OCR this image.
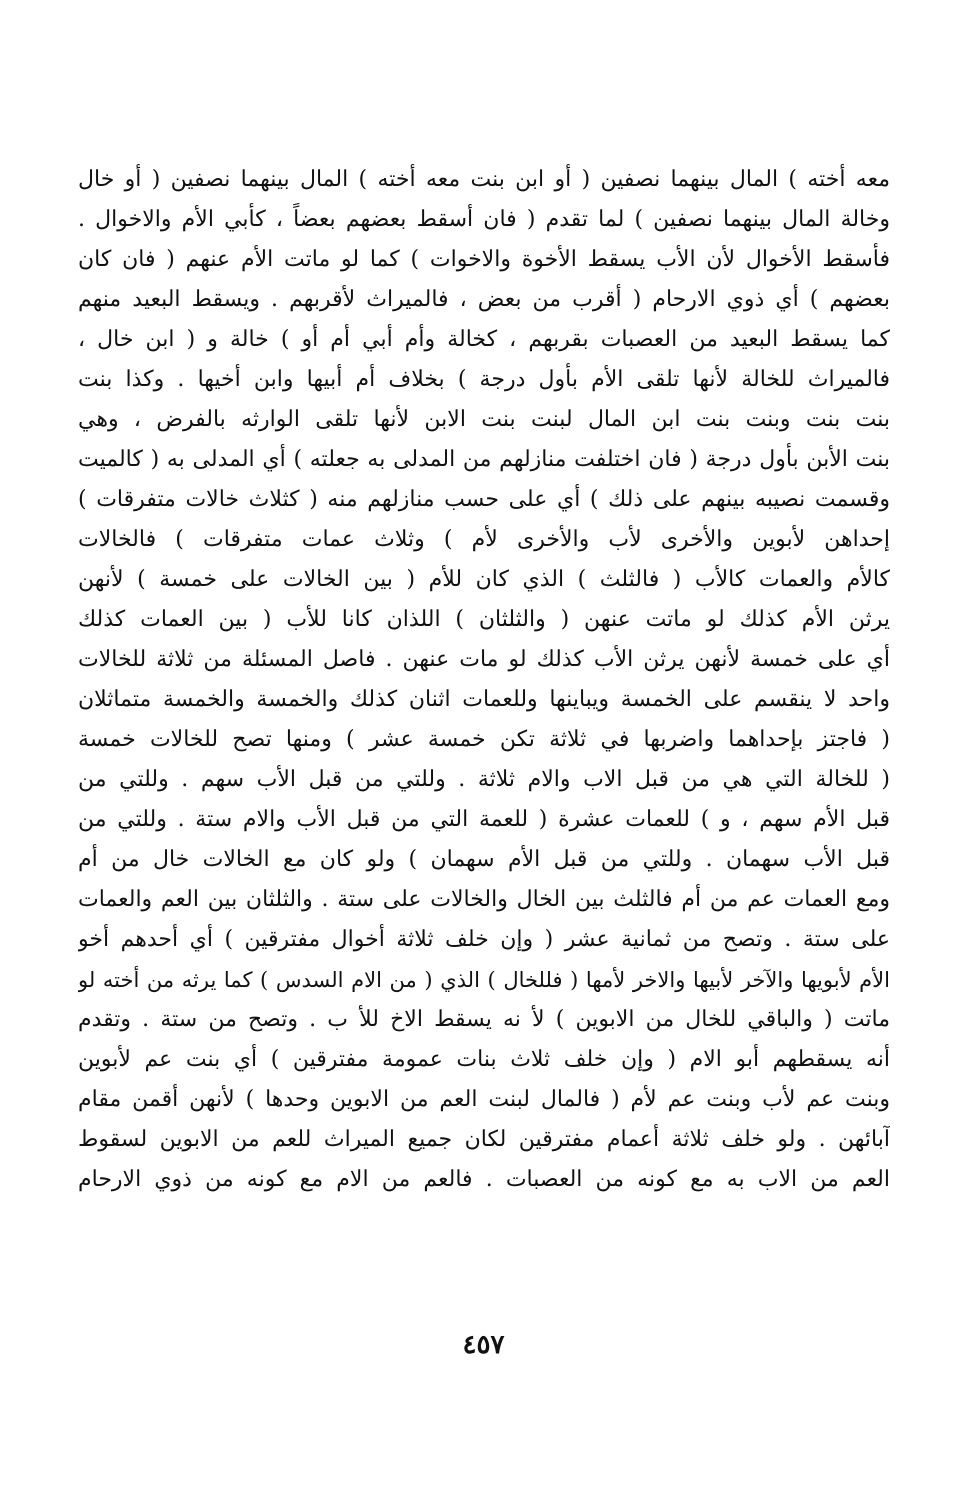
معه أخته ) المال بينهما نصفين ( أو ابن بنت معه أخته ) المال بينهما نصفين ( أو خال
وخالة المال بينهما نصفين ) لما تقدم ( فان أسقط بعضهم بعضاً ، كأبي الأم والاخوال .
فأسقط الأخوال لأن الأب يسقط الأخوة والاخوات ) كما لو ماتت الأم عنهم ( فان كان
بعضهم ) أي ذوي الارحام ( أقرب من بعض ، فالميراث لأقربهم . ويسقط البعيد منهم
كما يسقط البعيد من العصبات بقربهم ، كخالة وأم أبي أم أو ) خالة و ( ابن خال ،
فالميراث للخالة لأنها تلقى الأم بأول درجة ) بخلاف أم أبيها وابن أخيها . وكذا بنت
بنت بنت وبنت بنت ابن المال لبنت بنت الابن لأنها تلقى الوارثه بالفرض ، وهي
بنت الأبن بأول درجة ( فان اختلفت منازلهم من المدلى به جعلته ) أي المدلى به ( كالميت
وقسمت نصيبه بينهم على ذلك ) أي على حسب منازلهم منه ( كثلاث خالات متفرقات )
إحداهن لأبوين والأخرى لأب والأخرى لأم ) وثلاث عمات متفرقات ) فالخالات
كالأم والعمات كالأب ( فالثلث ) الذي كان للأم ( بين الخالات على خمسة ) لأنهن
يرثن الأم كذلك لو ماتت عنهن ( والثلثان ) اللذان كانا للأب ( بين العمات كذلك
أي على خمسة لأنهن يرثن الأب كذلك لو مات عنهن . فاصل المسئلة من ثلاثة للخالات
واحد لا ينقسم على الخمسة ويباينها وللعمات اثنان كذلك والخمسة والخمسة متماثلان
( فاجتز بإحداهما واضربها في ثلاثة تكن خمسة عشر ) ومنها تصح للخالات خمسة
( للخالة التي هي من قبل الاب والام ثلاثة . وللتي من قبل الأب سهم . وللتي من
قبل الأم سهم ، و ) للعمات عشرة ( للعمة التي من قبل الأب والام ستة . وللتي من
قبل الأب سهمان . وللتي من قبل الأم سهمان ) ولو كان مع الخالات خال من أم
ومع العمات عم من أم فالثلث بين الخال والخالات على ستة . والثلثان بين العم والعمات
على ستة . وتصح من ثمانية عشر ( وإن خلف ثلاثة أخوال مفترقين ) أي أحدهم أخو
الأم لأبويها والآخر لأبيها والاخر لأمها ( فللخال ) الذي ( من الام السدس ) كما يرثه من أخته لو
ماتت ( والباقي للخال من الابوين ) لأ نه يسقط الاخ للأ ب . وتصح من ستة . وتقدم
أنه يسقطهم أبو الام ( وإن خلف ثلاث بنات عمومة مفترقين ) أي بنت عم لأبوين
وبنت عم لأب وبنت عم لأم ( فالمال لبنت العم من الابوين وحدها ) لأنهن أقمن مقام
آبائهن . ولو خلف ثلاثة أعمام مفترقين لكان جميع الميراث للعم من الابوين لسقوط
العم من الاب به مع كونه من العصبات . فالعم من الام مع كونه من ذوي الارحام
٤٥٧
